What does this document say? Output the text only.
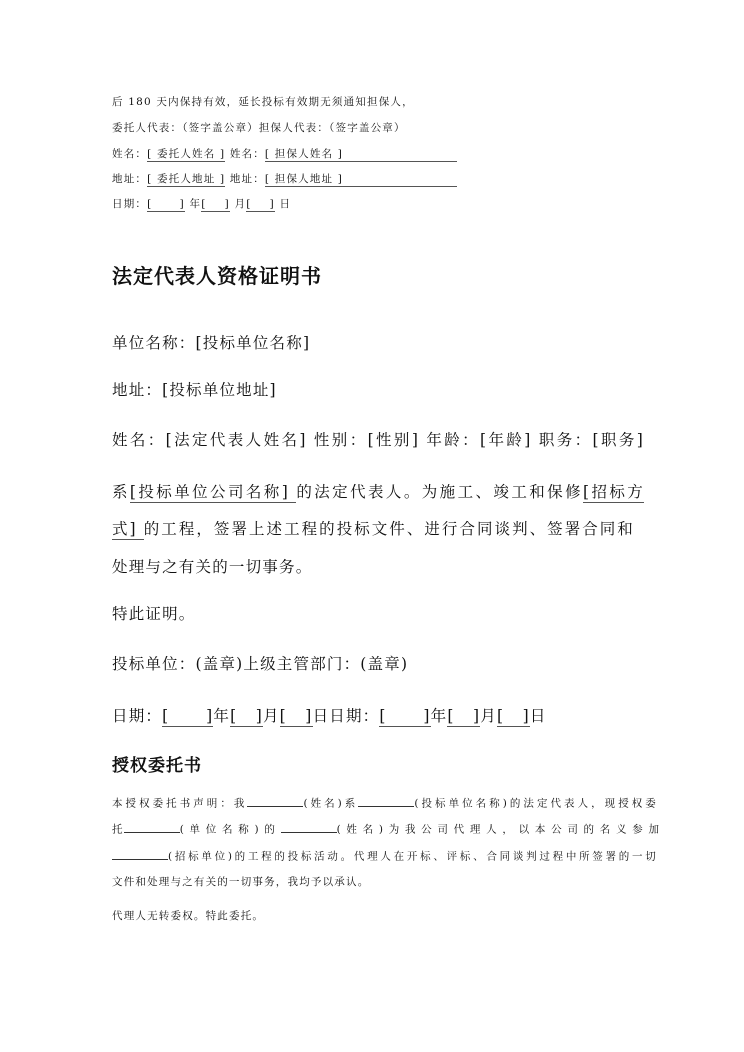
后 180 天内保持有效，延长投标有效期无须通知担保人，
委托人代表：（签字盖公章）担保人代表：（签字盖公章）
姓名：[ 委托人姓名 ] 姓名：[ 担保人姓名 ]
地址：[ 委托人地址 ] 地址：[ 担保人地址 ]
日期：[      ] 年[    ] 月[    ] 日
法定代表人资格证明书
单位名称：[投标单位名称]
地址：[投标单位地址]
姓名：[法定代表人姓名] 性别：[性别] 年龄：[年龄] 职务：[职务]
系[投标单位公司名称] 的法定代表人。为施工、竣工和保修[招标方
式] 的工程，签署上述工程的投标文件、进行合同谈判、签署合同和
处理与之有关的一切事务。
特此证明。
投标单位：(盖章)上级主管部门：(盖章)
日期：[      ]年[   ]月[   ]日日期：[      ]年[   ]月[   ]日
授权委托书
本授权委托书声明：我	(姓名)系	(投标单位名称)的法定代表人，现授权委
托	( 单 位 名 称 ) 的	( 姓 名 ) 为 我 公 司 代 理 人 ， 以 本 公 司 的 名 义 参 加
(招标单位)的工程的投标活动。代理人在开标、评标、合同谈判过程中所签署的一切
文件和处理与之有关的一切事务，我均予以承认。
代理人无转委权。特此委托。
